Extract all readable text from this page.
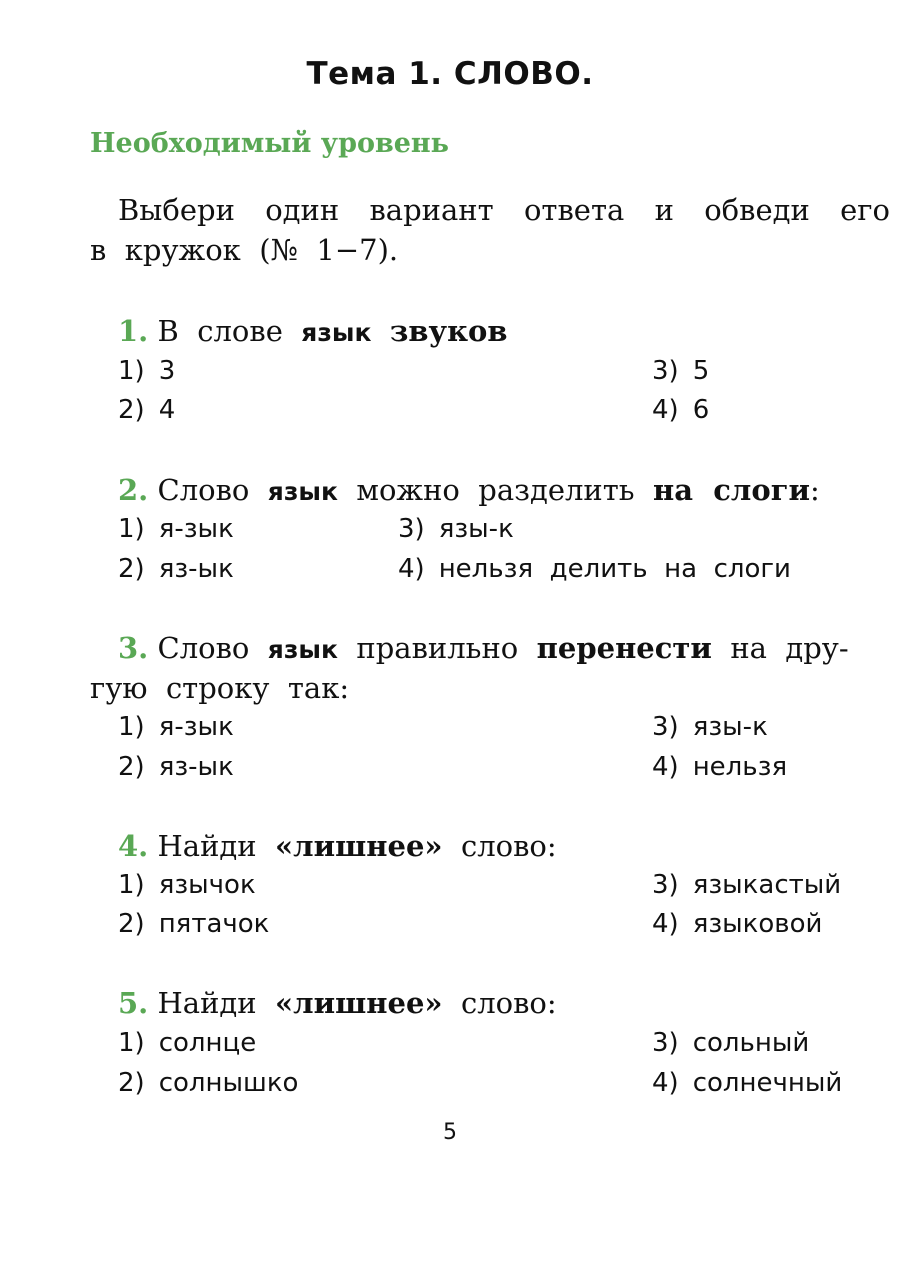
Тема 1. СЛОВО.
Необходимый уровень
Выбери один вариант ответа и обведи его
в  кружок  (№  1−7).
1. В  слове  язык звуков
1) 3
2) 4
3) 5
4) 6
2. Слово  язык  можно  разделить  на  слоги:
1) я-зык
2) яз-ык
3) язы-к
4) нельзя  делить  на  слоги
3. Слово  язык  правильно  перенести  на  дру-
гую  строку  так:
1) я-зык
2) яз-ык
3) язы-к
4) нельзя
4. Найди  «лишнее»  слово:
1) язычок
2) пятачок
3) языкастый
4) языковой
5. Найди  «лишнее»  слово:
1) солнце
2) солнышко
3) сольный
4) солнечный
5
